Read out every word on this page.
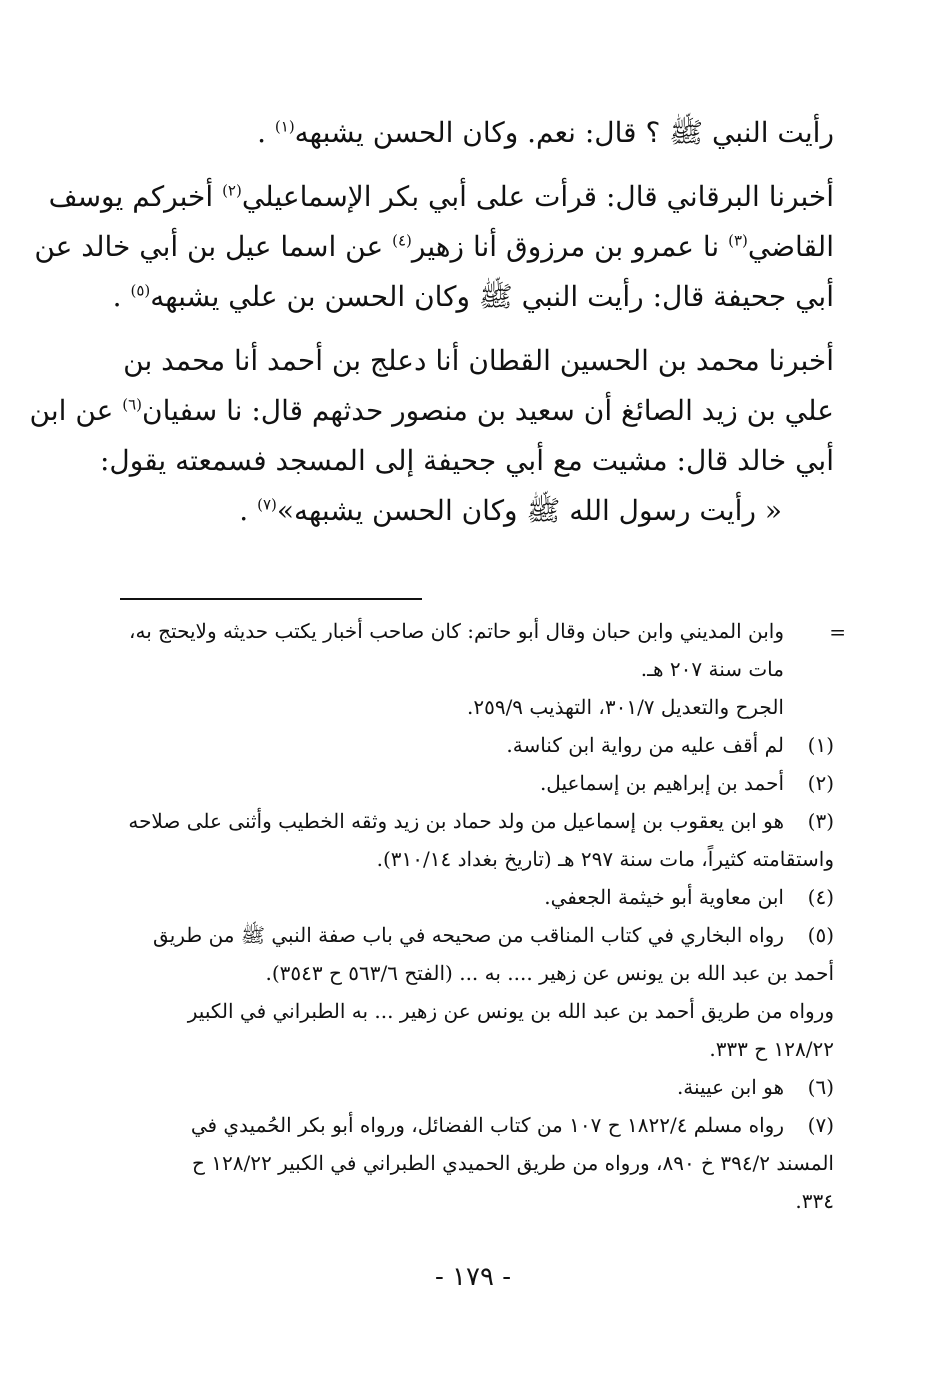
رأيت النبي ﷺ ؟ قال: نعم. وكان الحسن يشبهه$^{(١)}$ .
أخبرنا البرقاني قال: قرأت على أبي بكر الإسماعيلي$^{(٢)}$ أخبركم يوسف
القاضي$^{(٣)}$ نا عمرو بن مرزوق أنا زهير$^{(٤)}$ عن اسما عيل بن أبي خالد عن
أبي جحيفة قال: رأيت النبي ﷺ وكان الحسن بن علي يشبهه$^{(٥)}$ .
أخبرنا محمد بن الحسين القطان أنا دعلج بن أحمد أنا محمد بن
علي بن زيد الصائغ أن سعيد بن منصور حدثهم قال: نا سفيان$^{(٦)}$ عن ابن
أبي خالد قال: مشيت مع أبي جحيفة إلى المسجد فسمعته يقول:
« رأيت رسول الله ﷺ وكان الحسن يشبهه»$^{(٧)}$ .
=
وابن المديني وابن حبان وقال أبو حاتم: كان صاحب أخبار يكتب حديثه ولايحتج به،
مات سنة ٢٠٧ هـ.
الجرح والتعديل ٣٠١/٧، التهذيب ٢٥٩/٩.
(١)
لم أقف عليه من رواية ابن كناسة.
(٢)
أحمد بن إبراهيم بن إسماعيل.
(٣)
هو ابن يعقوب بن إسماعيل من ولد حماد بن زيد وثقه الخطيب وأثنى على صلاحه
واستقامته كثيراً، مات سنة ٢٩٧ هـ (تاريخ بغداد ٣١٠/١٤).
(٤)
ابن معاوية أبو خيثمة الجعفي.
(٥)
رواه البخاري في كتاب المناقب من صحيحه في باب صفة النبي ﷺ من طريق
أحمد بن عبد الله بن يونس عن زهير .... به ... (الفتح ٥٦٣/٦ ح ٣٥٤٣).
ورواه من طريق أحمد بن عبد الله بن يونس عن زهير ... به الطبراني في الكبير
١٢٨/٢٢ ح ٣٣٣.
(٦)
هو ابن عيينة.
(٧)
رواه مسلم ١٨٢٢/٤ ح ١٠٧ من كتاب الفضائل، ورواه أبو بكر الحُميدي في
المسند ٣٩٤/٢ خ ٨٩٠، ورواه من طريق الحميدي الطبراني في الكبير ١٢٨/٢٢ ح
٣٣٤.
- ١٧٩ -
